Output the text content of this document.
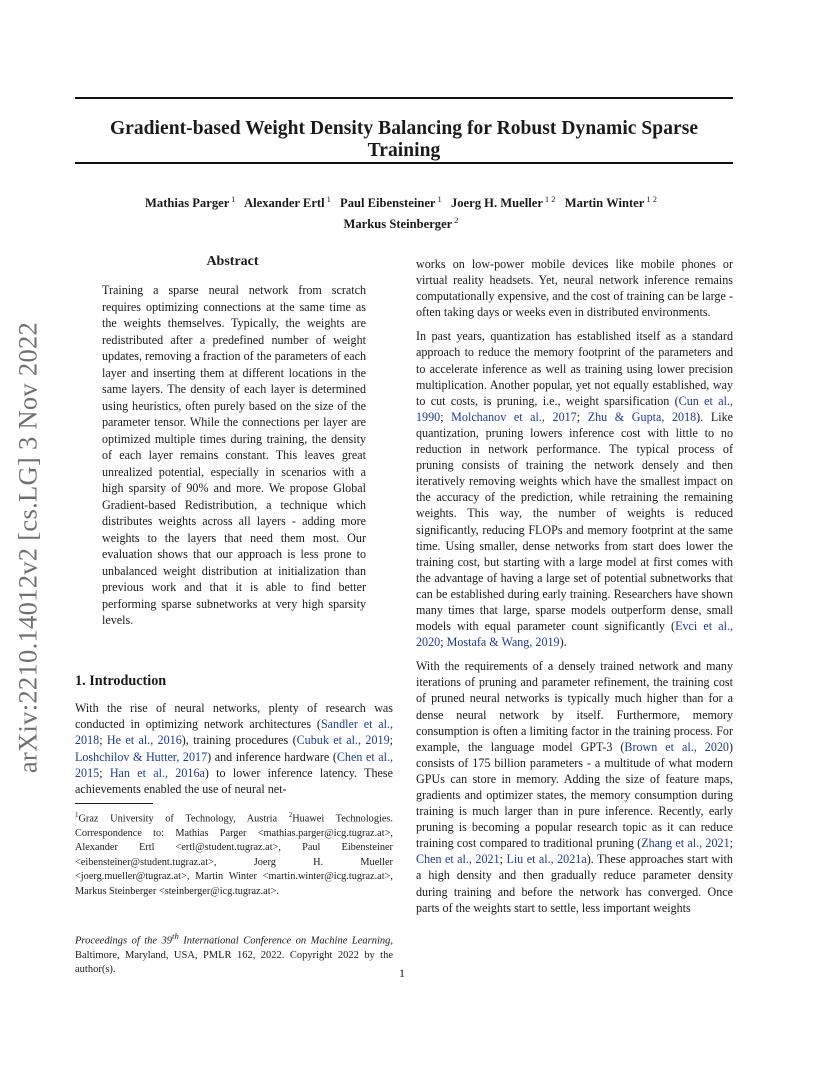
Gradient-based Weight Density Balancing for Robust Dynamic Sparse Training
Mathias Parger $^1$ Alexander Ertl $^1$ Paul Eibensteiner $^1$ Joerg H. Mueller $^{1 2}$ Martin Winter $^{1 2}$
Markus Steinberger $^2$
arXiv:2210.14012v2 [cs.LG] 3 Nov 2022
Abstract

Training a sparse neural network from scratch requires optimizing connections at the same time as the weights themselves. Typically, the weights are redistributed after a predefined number of weight updates, removing a fraction of the parameters of each layer and inserting them at different locations in the same layers. The density of each layer is determined using heuristics, often purely based on the size of the parameter tensor. While the connections per layer are optimized multiple times during training, the density of each layer remains constant. This leaves great unrealized potential, especially in scenarios with a high sparsity of 90% and more. We propose Global Gradient-based Redistribution, a technique which distributes weights across all layers - adding more weights to the layers that need them most. Our evaluation shows that our approach is less prone to unbalanced weight distribution at initialization than previous work and that it is able to find better performing sparse subnetworks at very high sparsity levels.

1. Introduction

With the rise of neural networks, plenty of research was conducted in optimizing network architectures (Sandler et al., 2018; He et al., 2016), training procedures (Cubuk et al., 2019; Loshchilov & Hutter, 2017) and inference hardware (Chen et al., 2015; Han et al., 2016a) to lower inference latency. These achievements enabled the use of neural net-

$^1$Graz University of Technology, Austria $^2$Huawei Technologies. Correspondence to: Mathias Parger <mathias.parger@icg.tugraz.at>, Alexander Ertl <ertl@student.tugraz.at>, Paul Eibensteiner <eibensteiner@student.tugraz.at>, Joerg H. Mueller <joerg.mueller@tugraz.at>, Martin Winter <martin.winter@icg.tugraz.at>, Markus Steinberger <steinberger@icg.tugraz.at>.
Proceedings of the 39th International Conference on Machine Learning, Baltimore, Maryland, USA, PMLR 162, 2022. Copyright 2022 by the author(s).	1

works on low-power mobile devices like mobile phones or virtual reality headsets. Yet, neural network inference remains computationally expensive, and the cost of training can be large - often taking days or weeks even in distributed environments.

In past years, quantization has established itself as a standard approach to reduce the memory footprint of the parameters and to accelerate inference as well as training using lower precision multiplication. Another popular, yet not equally established, way to cut costs, is pruning, i.e., weight sparsification (Cun et al., 1990; Molchanov et al., 2017; Zhu & Gupta, 2018). Like quantization, pruning lowers inference cost with little to no reduction in network performance. The typical process of pruning consists of training the network densely and then iteratively removing weights which have the smallest impact on the accuracy of the prediction, while retraining the remaining weights. This way, the number of weights is reduced significantly, reducing FLOPs and memory footprint at the same time. Using smaller, dense networks from start does lower the training cost, but starting with a large model at first comes with the advantage of having a large set of potential subnetworks that can be established during early training. Researchers have shown many times that large, sparse models outperform dense, small models with equal parameter count significantly (Evci et al., 2020; Mostafa & Wang, 2019).

With the requirements of a densely trained network and many iterations of pruning and parameter refinement, the training cost of pruned neural networks is typically much higher than for a dense neural network by itself. Furthermore, memory consumption is often a limiting factor in the training process. For example, the language model GPT-3 (Brown et al., 2020) consists of 175 billion parameters - a multitude of what modern GPUs can store in memory. Adding the size of feature maps, gradients and optimizer states, the memory consumption during training is much larger than in pure inference. Recently, early pruning is becoming a popular research topic as it can reduce training cost compared to traditional pruning (Zhang et al., 2021; Chen et al., 2021; Liu et al., 2021a). These approaches start with a high density and then gradually reduce parameter density during training and before the network has converged. Once parts of the weights start to settle, less important weights
